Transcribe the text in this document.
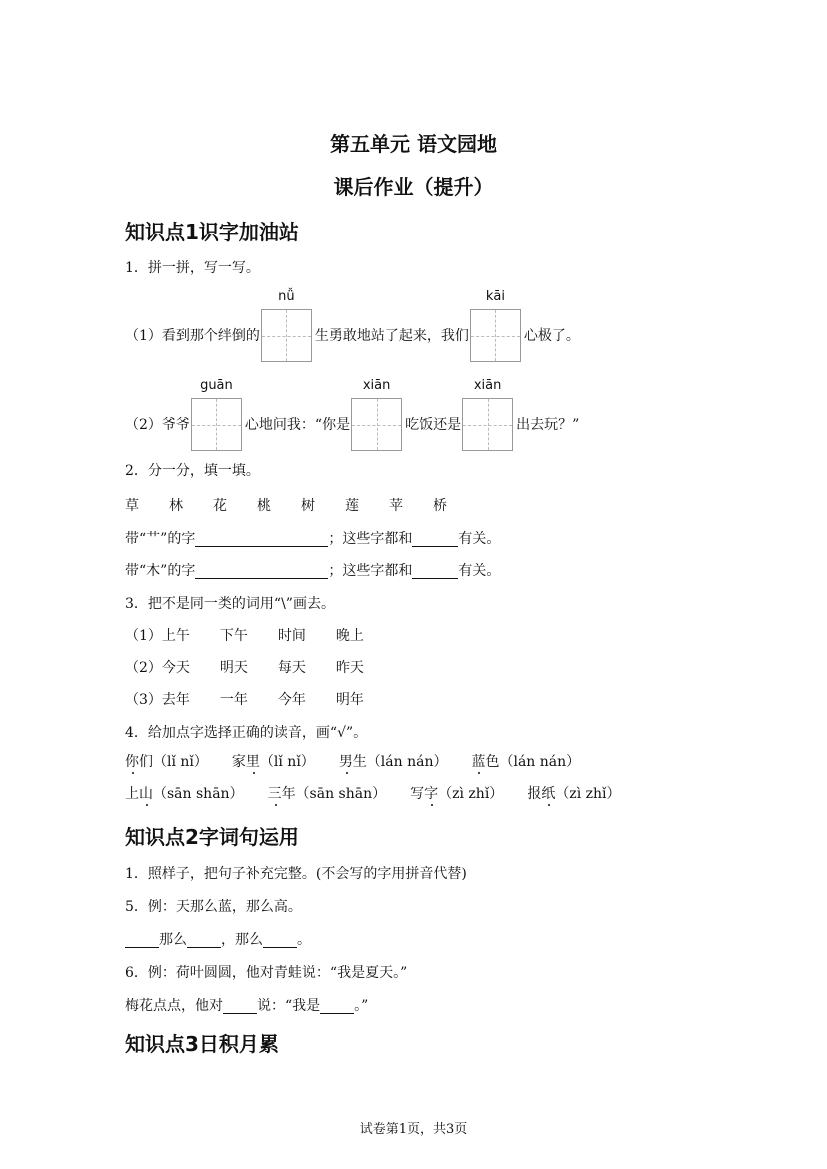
第五单元 语文园地
课后作业（提升）
知识点1识字加油站
1．拼一拼，写一写。
（1）看到那个绊倒的
nǚ
生勇敢地站了起来，我们
kāi
心极了。
（2）爷爷
guān
心地问我：“你是
xiān
吃饭还是
xiān
出去玩？”
2．分一分，填一填。
草 林 花 桃 树 莲 苹 桥
带“艹”的字	；这些字都和	有关。
带“木”的字	；这些字都和	有关。
3．把不是同一类的词用“\”画去。
（1）上午 下午 时间 晚上
（2）今天 明天 每天 昨天
（3）去年 一年 今年 明年
4．给加点字选择正确的读音，画“√”。
你们（lǐ nǐ） 家里（lǐ nǐ） 男生（lán nán） 蓝色（lán nán）
上山（sān shān） 三年（sān shān） 写字（zì zhǐ） 报纸（zì zhǐ）
知识点2字词句运用
1．照样子，把句子补充完整。(不会写的字用拼音代替)
5．例：天那么蓝，那么高。
那么 ，那么 。
6．例：荷叶圆圆，他对青蛙说：“我是夏天。”
梅花点点，他对 说：“我是 。”
知识点3日积月累
试卷第1页，共3页
